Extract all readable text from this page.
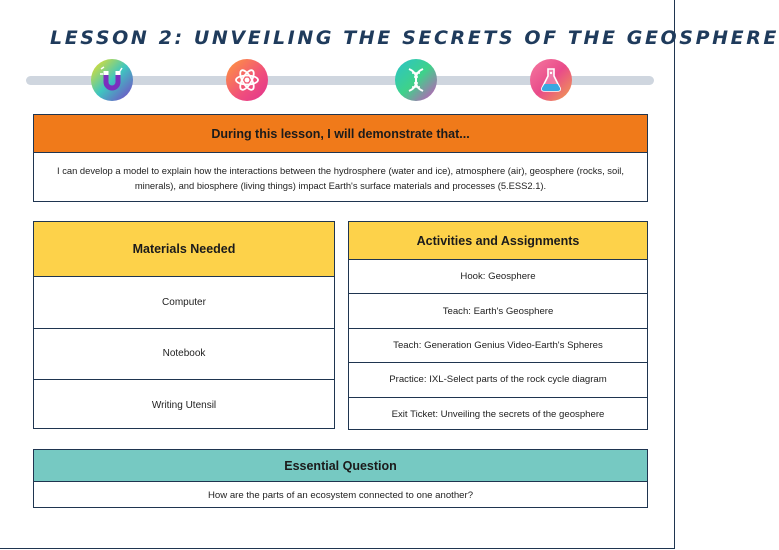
LESSON 2: UNVEILING THE SECRETS OF THE GEOSPHERE
During this lesson, I will demonstrate that...
I can develop a model to explain how the interactions between the hydrosphere (water and ice), atmosphere (air), geosphere (rocks, soil, minerals), and biosphere (living things) impact Earth's surface materials and processes (5.ESS2.1).
Materials Needed
Computer
Notebook
Writing Utensil
Activities and Assignments
Hook: Geosphere
Teach: Earth's Geosphere
Teach: Generation Genius Video-Earth's Spheres
Practice: IXL-Select parts of the rock cycle diagram
Exit Ticket: Unveiling the secrets of the geosphere
Essential Question
How are the parts of an ecosystem connected to one another?
